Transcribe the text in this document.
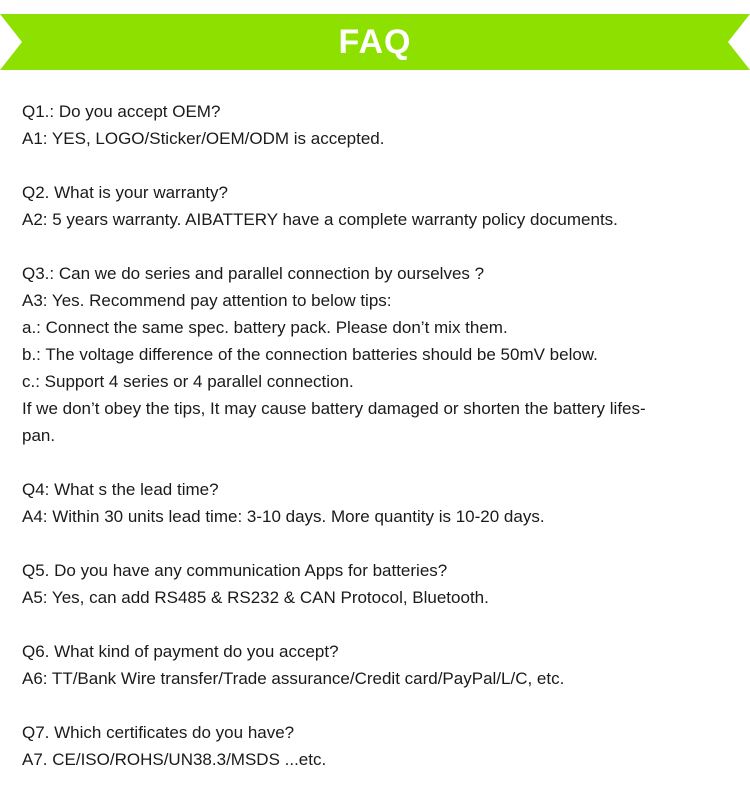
FAQ
Q1.: Do you accept OEM?
A1: YES, LOGO/Sticker/OEM/ODM is accepted.
Q2. What is your warranty?
A2: 5 years warranty. AIBATTERY have a complete warranty policy documents.
Q3.: Can we do series and parallel connection by ourselves ?
A3: Yes. Recommend pay attention to below tips:
a.: Connect the same spec. battery pack. Please don’t mix them.
b.: The voltage difference of the connection batteries should be 50mV below.
c.: Support 4 series or 4 parallel connection.
If we don’t obey the tips, It may cause battery damaged or shorten the battery lifes-
pan.
Q4: What s the lead time?
A4: Within 30 units lead time: 3-10 days. More quantity is 10-20 days.
Q5. Do you have any communication Apps for batteries?
A5: Yes, can add RS485 & RS232 & CAN Protocol, Bluetooth.
Q6. What kind of payment do you accept?
A6: TT/Bank Wire transfer/Trade assurance/Credit card/PayPal/L/C, etc.
Q7. Which certificates do you have?
A7. CE/ISO/ROHS/UN38.3/MSDS ...etc.
